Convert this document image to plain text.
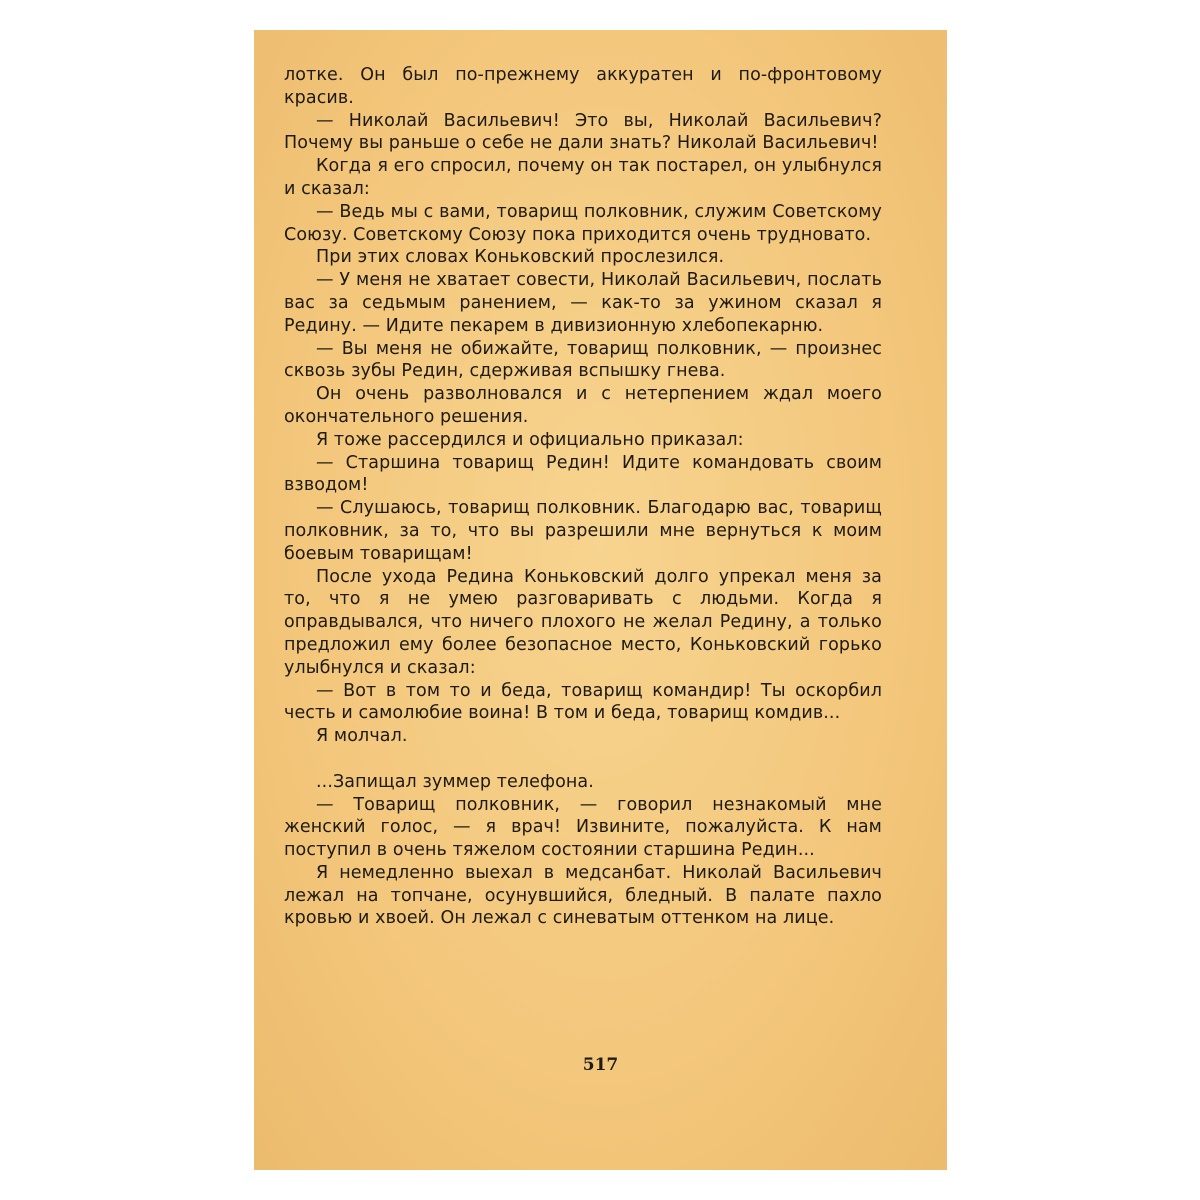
лотке. Он был по-прежнему аккуратен и по-фронтовому красив.

— Николай Васильевич! Это вы, Николай Васильевич? Почему вы раньше о себе не дали знать? Николай Васильевич!

Когда я его спросил, почему он так постарел, он улыбнулся и сказал:

— Ведь мы с вами, товарищ полковник, служим Советскому Союзу. Советскому Союзу пока приходится очень трудновато.

При этих словах Коньковский прослезился.

— У меня не хватает совести, Николай Васильевич, послать вас за седьмым ранением, — как-то за ужином сказал я Редину. — Идите пекарем в дивизионную хлебопекарню.

— Вы меня не обижайте, товарищ полковник, — произнес сквозь зубы Редин, сдерживая вспышку гнева.

Он очень разволновался и с нетерпением ждал моего окончательного решения.

Я тоже рассердился и официально приказал:

— Старшина товарищ Редин! Идите командовать своим взводом!

— Слушаюсь, товарищ полковник. Благодарю вас, товарищ полковник, за то, что вы разрешили мне вернуться к моим боевым товарищам!

После ухода Редина Коньковский долго упрекал меня за то, что я не умею разговаривать с людьми. Когда я оправдывался, что ничего плохого не желал Редину, а только предложил ему более безопасное место, Коньковский горько улыбнулся и сказал:

— Вот в том то и беда, товарищ командир! Ты оскорбил честь и самолюбие воина! В том и беда, товарищ комдив...

Я молчал.

...Запищал зуммер телефона.

— Товарищ полковник, — говорил незнакомый мне женский голос, — я врач! Извините, пожалуйста. К нам поступил в очень тяжелом состоянии старшина Редин...

Я немедленно выехал в медсанбат. Николай Васильевич лежал на топчане, осунувшийся, бледный. В палате пахло кровью и хвоей. Он лежал с синеватым оттенком на лице.

517
